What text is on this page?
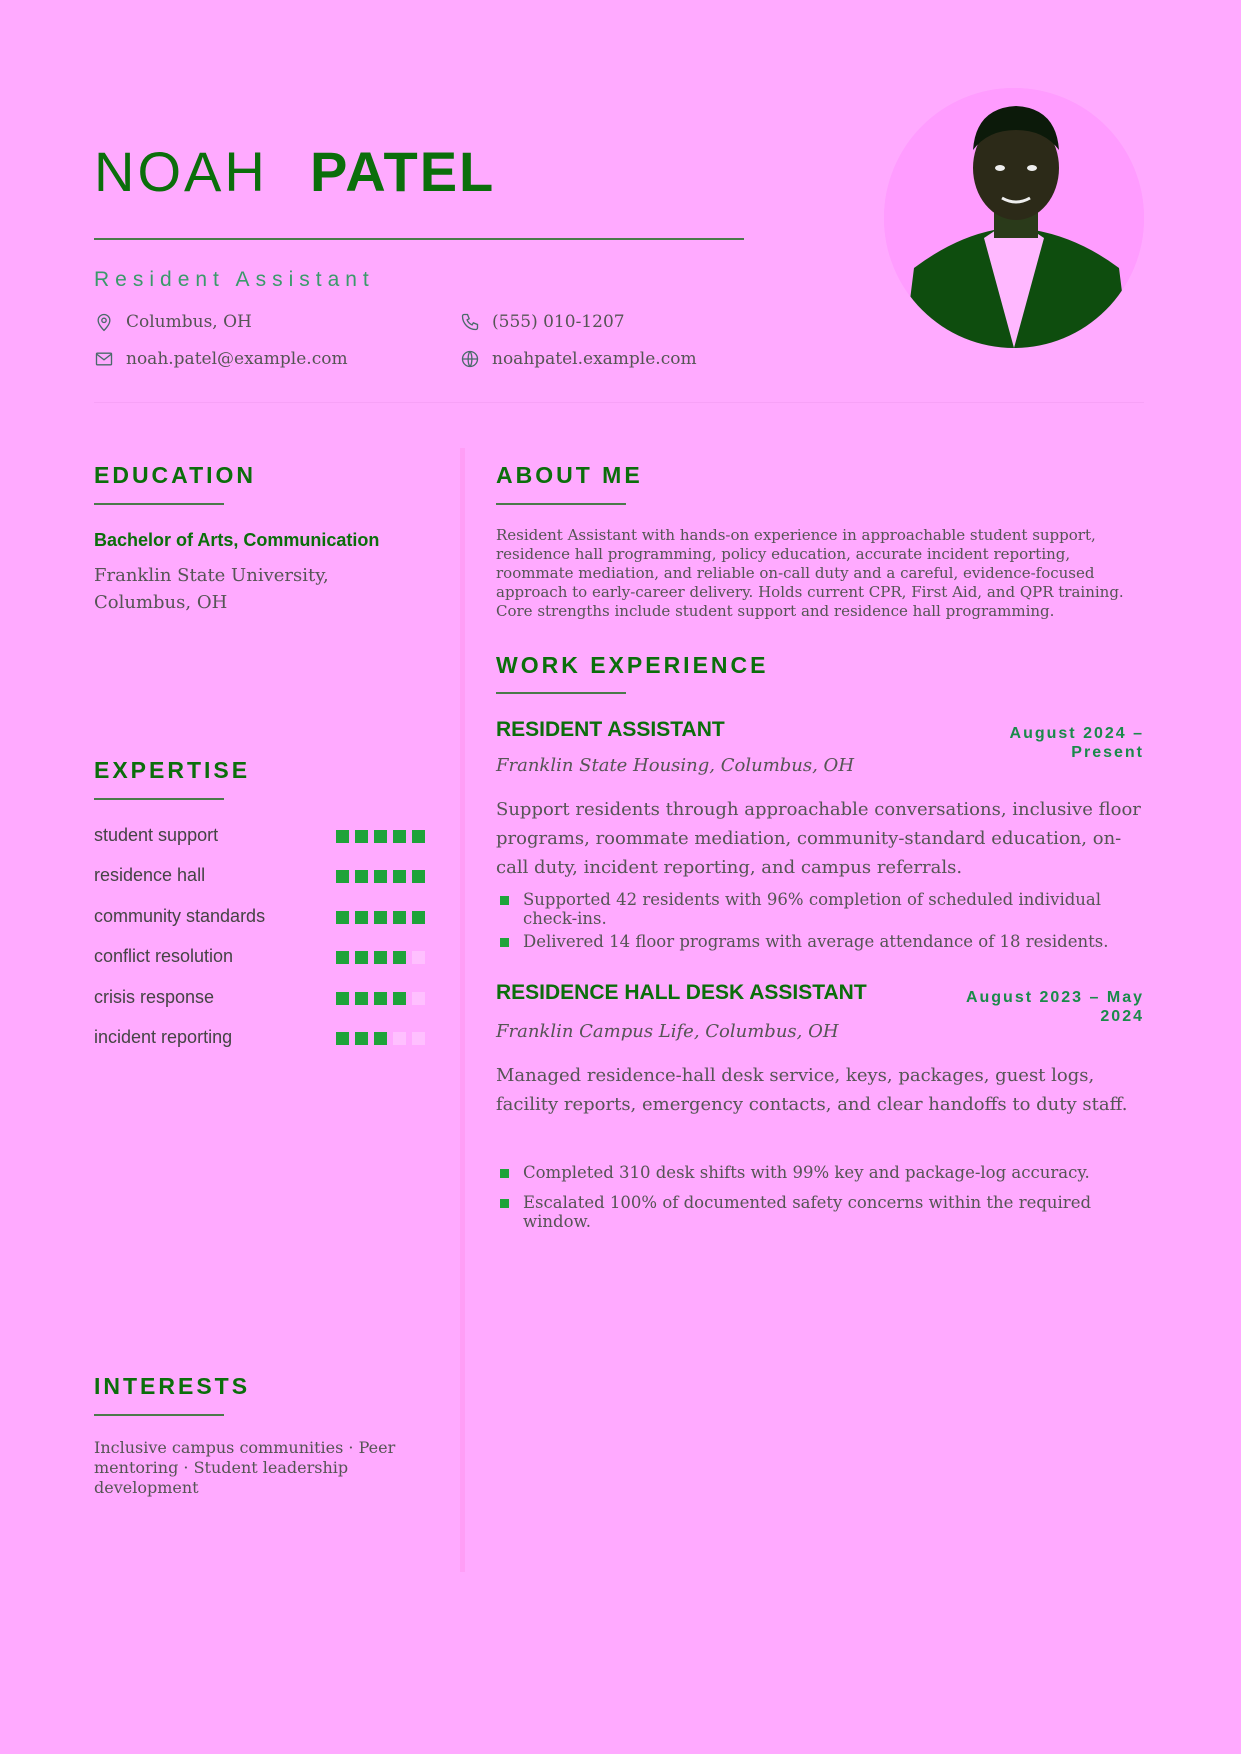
NOAH PATEL
Resident Assistant
Columbus, OH	(555) 010-1207
noah.patel@example.com	noahpatel.example.com
EDUCATION
Bachelor of Arts, Communication
Franklin State University, Columbus, OH
EXPERTISE
student support
residence hall
community standards
conflict resolution
crisis response
incident reporting
INTERESTS
Inclusive campus communities · Peer mentoring · Student leadership development
ABOUT ME
Resident Assistant with hands-on experience in approachable student support, residence hall programming, policy education, accurate incident reporting, roommate mediation, and reliable on-call duty and a careful, evidence-focused approach to early-career delivery. Holds current CPR, First Aid, and QPR training. Core strengths include student support and residence hall programming.
WORK EXPERIENCE
RESIDENT ASSISTANT	August 2024 – Present
Franklin State Housing, Columbus, OH
Support residents through approachable conversations, inclusive floor programs, roommate mediation, community-standard education, on-call duty, incident reporting, and campus referrals.
Supported 42 residents with 96% completion of scheduled individual check-ins.
Delivered 14 floor programs with average attendance of 18 residents.
RESIDENCE HALL DESK ASSISTANT	August 2023 – May 2024
Franklin Campus Life, Columbus, OH
Managed residence-hall desk service, keys, packages, guest logs, facility reports, emergency contacts, and clear handoffs to duty staff.
Completed 310 desk shifts with 99% key and package-log accuracy.
Escalated 100% of documented safety concerns within the required window.
